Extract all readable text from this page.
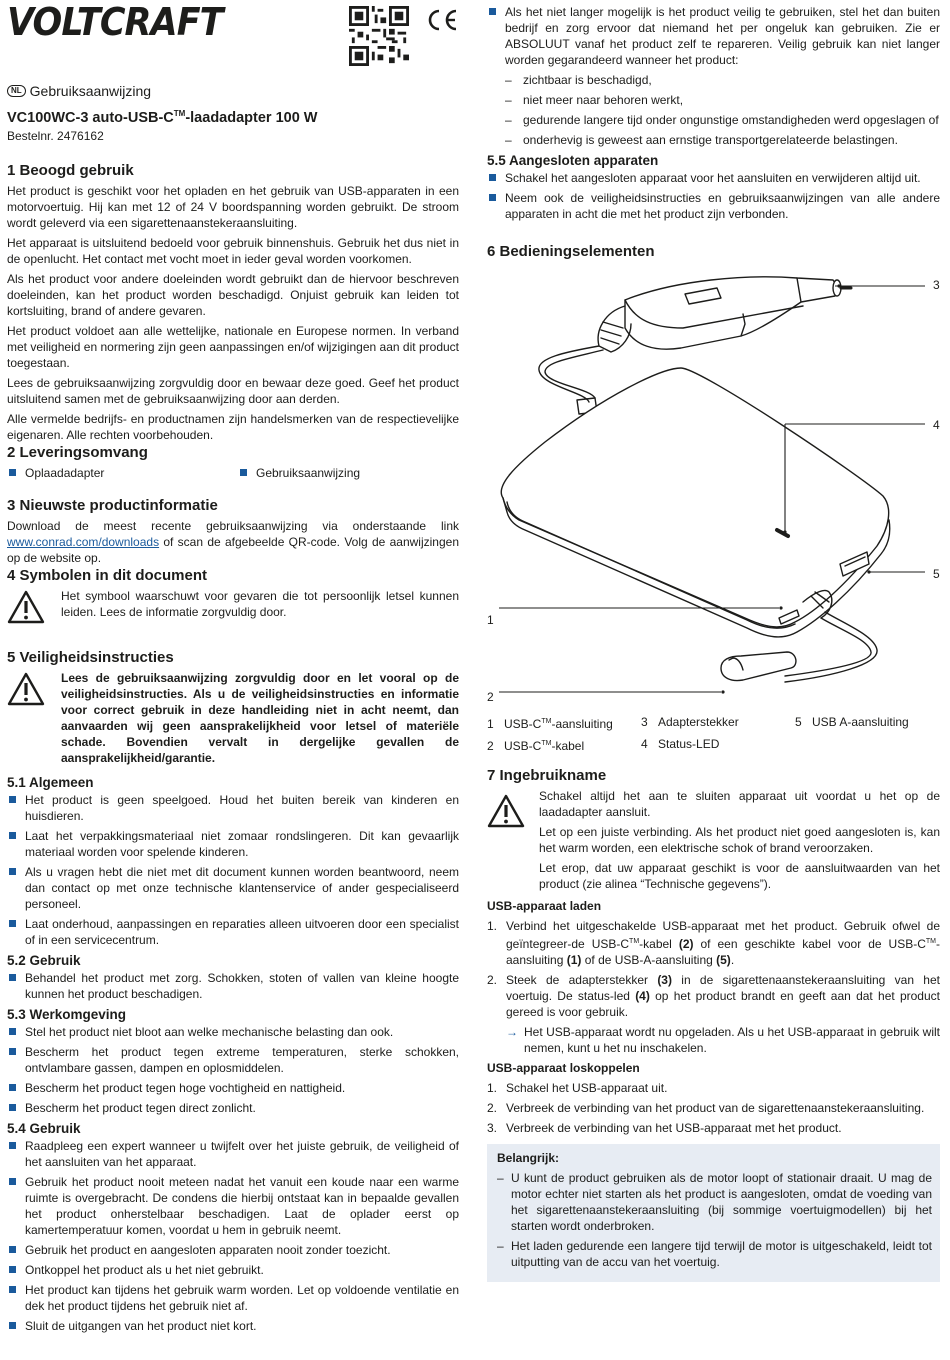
VOLTCRAFT
NL Gebruiksaanwijzing
VC100WC-3 auto-USB-C™-laadadapter 100 W
Bestelnr. 2476162
1 Beoogd gebruik

Het product is geschikt voor het opladen en het gebruik van USB-apparaten in een motorvoertuig. Hij kan met 12 of 24 V boordspanning worden gebruikt. De stroom wordt geleverd via een sigarettenaanstekeraansluiting.

Het apparaat is uitsluitend bedoeld voor gebruik binnenshuis. Gebruik het dus niet in de openlucht. Het contact met vocht moet in ieder geval worden voorkomen.

Als het product voor andere doeleinden wordt gebruikt dan de hiervoor beschreven doeleinden, kan het product worden beschadigd. Onjuist gebruik kan leiden tot kortsluiting, brand of andere gevaren.

Het product voldoet aan alle wettelijke, nationale en Europese normen. In verband met veiligheid en normering zijn geen aanpassingen en/of wijzigingen aan dit product toegestaan.

Lees de gebruiksaanwijzing zorgvuldig door en bewaar deze goed. Geef het product uitsluitend samen met de gebruiksaanwijzing door aan derden.

Alle vermelde bedrijfs- en productnamen zijn handelsmerken van de respectievelijke eigenaren. Alle rechten voorbehouden.

2 Leveringsomvang
Oplaadadapter	Gebruiksaanwijzing
3 Nieuwste productinformatie

Download de meest recente gebruiksaanwijzing via onderstaande link www.conrad.com/downloads of scan de afgebeelde QR-code. Volg de aanwijzingen op de website op.

4 Symbolen in dit document

Het symbool waarschuwt voor gevaren die tot persoonlijk letsel kunnen leiden. Lees de informatie zorgvuldig door.

5 Veiligheidsinstructies

Lees de gebruiksaanwijzing zorgvuldig door en let vooral op de veiligheidsinstructies. Als u de veiligheidsinstructies en informatie voor correct gebruik in deze handleiding niet in acht neemt, dan aanvaarden wij geen aansprakelijkheid voor letsel of materiële schade. Bovendien vervalt in dergelijke gevallen de aansprakelijkheid/garantie.

5.1 Algemeen
Het product is geen speelgoed. Houd het buiten bereik van kinderen en huisdieren.
Laat het verpakkingsmateriaal niet zomaar rondslingeren. Dit kan gevaarlijk materiaal worden voor spelende kinderen.
Als u vragen hebt die niet met dit document kunnen worden beantwoord, neem dan contact op met onze technische klantenservice of ander gespecialiseerd personeel.
Laat onderhoud, aanpassingen en reparaties alleen uitvoeren door een specialist of in een servicecentrum.
5.2 Gebruik
Behandel het product met zorg. Schokken, stoten of vallen van kleine hoogte kunnen het product beschadigen.
5.3 Werkomgeving
Stel het product niet bloot aan welke mechanische belasting dan ook.
Bescherm het product tegen extreme temperaturen, sterke schokken, ontvlambare gassen, dampen en oplosmiddelen.
Bescherm het product tegen hoge vochtigheid en nattigheid.
Bescherm het product tegen direct zonlicht.
5.4 Gebruik
Raadpleeg een expert wanneer u twijfelt over het juiste gebruik, de veiligheid of het aansluiten van het apparaat.
Gebruik het product nooit meteen nadat het vanuit een koude naar een warme ruimte is overgebracht. De condens die hierbij ontstaat kan in bepaalde gevallen het product onherstelbaar beschadigen. Laat de oplader eerst op kamertemperatuur komen, voordat u hem in gebruik neemt.
Gebruik het product en aangesloten apparaten nooit zonder toezicht.
Ontkoppel het product als u het niet gebruikt.
Het product kan tijdens het gebruik warm worden. Let op voldoende ventilatie en dek het product tijdens het gebruik niet af.
Sluit de uitgangen van het product niet kort.
Als het niet langer mogelijk is het product veilig te gebruiken, stel het dan buiten bedrijf en zorg ervoor dat niemand het per ongeluk kan gebruiken. Zie er ABSOLUUT vanaf het product zelf te repareren. Veilig gebruik kan niet langer worden gegarandeerd wanneer het product:
– zichtbaar is beschadigd,
– niet meer naar behoren werkt,
– gedurende langere tijd onder ongunstige omstandigheden werd opgeslagen of
– onderhevig is geweest aan ernstige transportgerelateerde belastingen.
5.5 Aangesloten apparaten
Schakel het aangesloten apparaat voor het aansluiten en verwijderen altijd uit.
Neem ook de veiligheidsinstructies en gebruiksaanwijzingen van alle andere apparaten in acht die met het product zijn verbonden.
6 Bedieningselementen
3
4
5
1
2
1 USB-C™-aansluiting	3 Adapterstekker	5 USB A-aansluiting
2 USB-C™-kabel	4 Status-LED
7 Ingebruikname

Schakel altijd het aan te sluiten apparaat uit voordat u het op de laadadapter aansluit.

Let op een juiste verbinding. Als het product niet goed aangesloten is, kan het warm worden, een elektrische schok of brand veroorzaken.

Let erop, dat uw apparaat geschikt is voor de aansluitwaarden van het product (zie alinea “Technische gegevens”).

USB-apparaat laden
1. Verbind het uitgeschakelde USB-apparaat met het product. Gebruik ofwel de geïntegreer-de USB-C™-kabel (2) of een geschikte kabel voor de USB-C™-aansluiting (1) of de USB-A-aansluiting (5).
2. Steek de adapterstekker (3) in de sigarettenaanstekeraansluiting van het voertuig. De status-led (4) op het product brandt en geeft aan dat het product gereed is voor gebruik.
→ Het USB-apparaat wordt nu opgeladen. Als u het USB-apparaat in gebruik wilt nemen, kunt u het nu inschakelen.
USB-apparaat loskoppelen
1. Schakel het USB-apparaat uit.
2. Verbreek de verbinding van het product van de sigarettenaanstekeraansluiting.
3. Verbreek de verbinding van het USB-apparaat met het product.
Belangrijk:
– U kunt de product gebruiken als de motor loopt of stationair draait. U mag de motor echter niet starten als het product is aangesloten, omdat de voeding van het sigarettenaanstekeraansluiting (bij sommige voertuigmodellen) bij het starten wordt onderbroken.
– Het laden gedurende een langere tijd terwijl de motor is uitgeschakeld, leidt tot uitputting van de accu van het voertuig.
